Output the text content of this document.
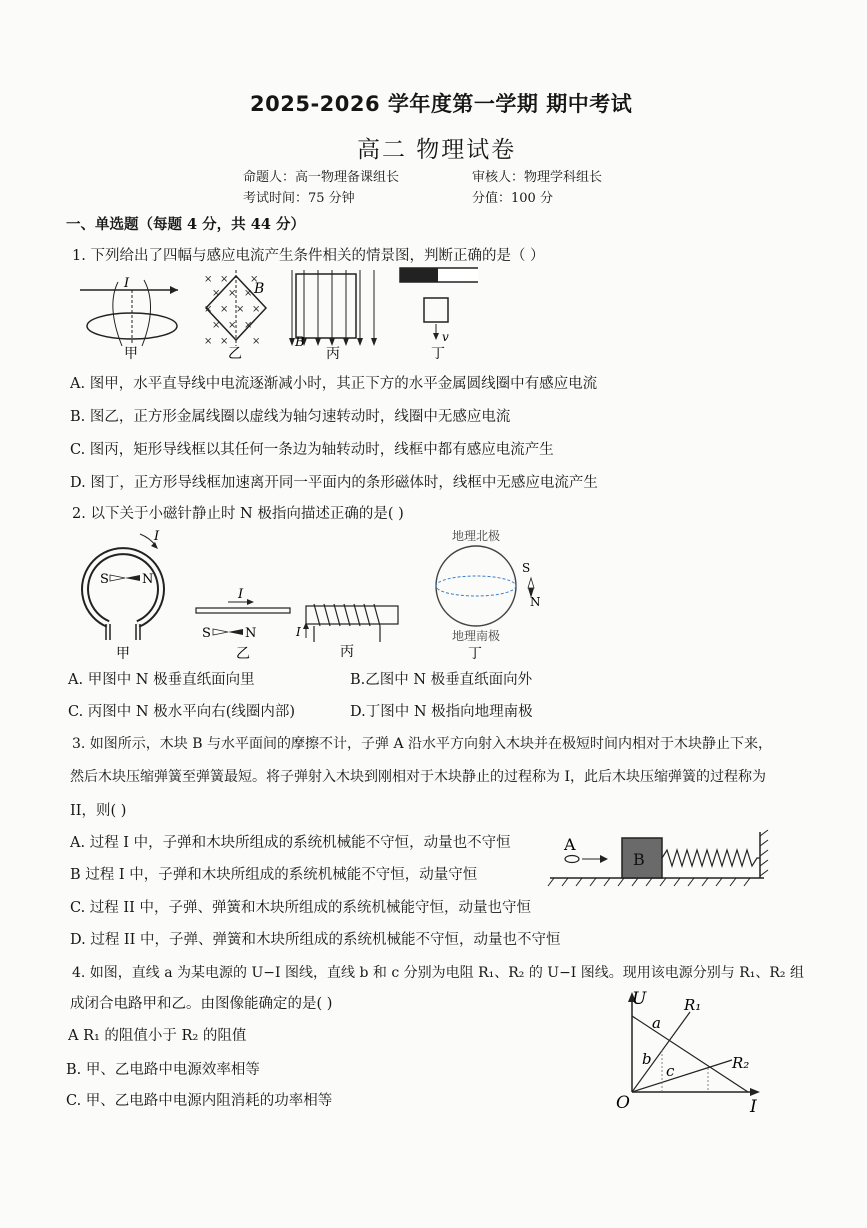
2025-2026 学年度第一学期 期中考试
高二 物理试卷
命题人：高一物理备课组长	审核人：物理学科组长
考试时间：75 分钟	分值：100 分
一、单选题（每题 4 分，共 44 分）
1. 下列给出了四幅与感应电流产生条件相关的情景图，判断正确的是（ ）
I
甲
× × ×
× × ×
× × × ×
× × ×
× × ×
B
乙
B
丙
v
丁
A. 图甲，水平直导线中电流逐渐减小时，其正下方的水平金属圆线圈中有感应电流
B. 图乙，正方形金属线圈以虚线为轴匀速转动时，线圈中无感应电流
C. 图丙，矩形导线框以其任何一条边为轴转动时，线框中都有感应电流产生
D. 图丁，正方形导线框加速离开同一平面内的条形磁体时，线框中无感应电流产生
2. 以下关于小磁针静止时 N 极指向描述正确的是( )
S	N
I
甲
I
S	N
乙
I
丙
地理北极
地理南极
丁
S
N
A. 甲图中 N 极垂直纸面向里	B.乙图中 N 极垂直纸面向外
C. 丙图中 N 极水平向右(线圈内部)	D.丁图中 N 极指向地理南极
3. 如图所示，木块 B 与水平面间的摩擦不计，子弹 A 沿水平方向射入木块并在极短时间内相对于木块静止下来，
然后木块压缩弹簧至弹簧最短。将子弹射入木块到刚相对于木块静止的过程称为 I，此后木块压缩弹簧的过程称为
II，则( )
A. 过程 I 中，子弹和木块所组成的系统机械能不守恒，动量也不守恒
B 过程 I 中，子弹和木块所组成的系统机械能不守恒，动量守恒
C. 过程 II 中，子弹、弹簧和木块所组成的系统机械能守恒，动量也守恒
D. 过程 II 中，子弹、弹簧和木块所组成的系统机械能不守恒，动量也不守恒
A
B
4. 如图，直线 a 为某电源的 U−I 图线，直线 b 和 c 分别为电阻 R₁、R₂ 的 U−I 图线。现用该电源分别与 R₁、R₂ 组
成闭合电路甲和乙。由图像能确定的是( )
A R₁ 的阻值小于 R₂ 的阻值
B. 甲、乙电路中电源效率相等
C. 甲、乙电路中电源内阻消耗的功率相等
U
I
O
a
b
c
R₁
R₂
